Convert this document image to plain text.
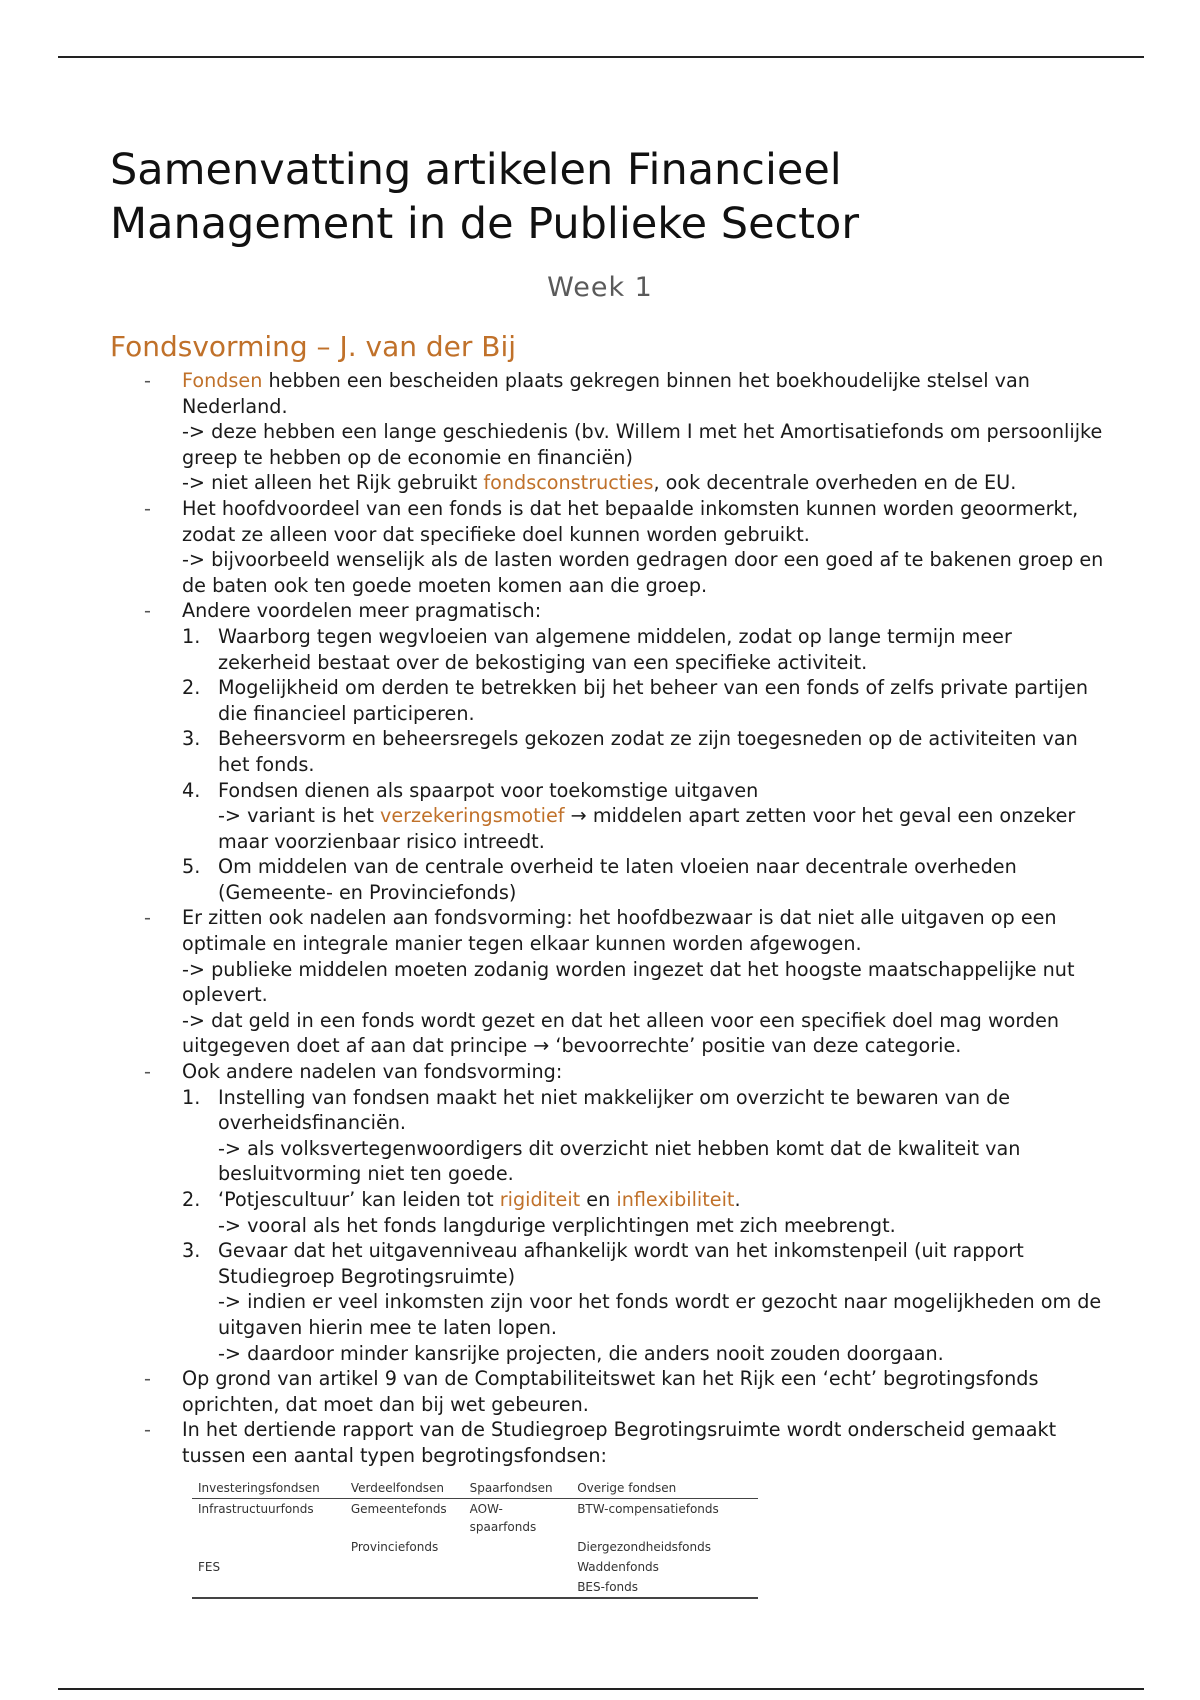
Samenvatting artikelen Financieel
Management in de Publieke Sector
Week 1
Fondsvorming – J. van der Bij
- Fondsen hebben een bescheiden plaats gekregen binnen het boekhoudelijke stelsel van Nederland.
-> deze hebben een lange geschiedenis (bv. Willem I met het Amortisatiefonds om persoonlijke greep te hebben op de economie en financiën)
-> niet alleen het Rijk gebruikt fondsconstructies, ook decentrale overheden en de EU.
- Het hoofdvoordeel van een fonds is dat het bepaalde inkomsten kunnen worden geoormerkt, zodat ze alleen voor dat specifieke doel kunnen worden gebruikt.
-> bijvoorbeeld wenselijk als de lasten worden gedragen door een goed af te bakenen groep en de baten ook ten goede moeten komen aan die groep.
- Andere voordelen meer pragmatisch:
1. Waarborg tegen wegvloeien van algemene middelen, zodat op lange termijn meer zekerheid bestaat over de bekostiging van een specifieke activiteit.
2. Mogelijkheid om derden te betrekken bij het beheer van een fonds of zelfs private partijen die financieel participeren.
3. Beheersvorm en beheersregels gekozen zodat ze zijn toegesneden op de activiteiten van het fonds.
4. Fondsen dienen als spaarpot voor toekomstige uitgaven
-> variant is het verzekeringsmotief → middelen apart zetten voor het geval een onzeker maar voorzienbaar risico intreedt.
5. Om middelen van de centrale overheid te laten vloeien naar decentrale overheden (Gemeente- en Provinciefonds)
- Er zitten ook nadelen aan fondsvorming: het hoofdbezwaar is dat niet alle uitgaven op een optimale en integrale manier tegen elkaar kunnen worden afgewogen.
-> publieke middelen moeten zodanig worden ingezet dat het hoogste maatschappelijke nut oplevert.
-> dat geld in een fonds wordt gezet en dat het alleen voor een specifiek doel mag worden uitgegeven doet af aan dat principe → ‘bevoorrechte’ positie van deze categorie.
- Ook andere nadelen van fondsvorming:
1. Instelling van fondsen maakt het niet makkelijker om overzicht te bewaren van de overheidsfinanciën.
-> als volksvertegenwoordigers dit overzicht niet hebben komt dat de kwaliteit van besluitvorming niet ten goede.
2. ‘Potjescultuur’ kan leiden tot rigiditeit en inflexibiliteit.
-> vooral als het fonds langdurige verplichtingen met zich meebrengt.
3. Gevaar dat het uitgavenniveau afhankelijk wordt van het inkomstenpeil (uit rapport Studiegroep Begrotingsruimte)
-> indien er veel inkomsten zijn voor het fonds wordt er gezocht naar mogelijkheden om de uitgaven hierin mee te laten lopen.
-> daardoor minder kansrijke projecten, die anders nooit zouden doorgaan.
- Op grond van artikel 9 van de Comptabiliteitswet kan het Rijk een ‘echt’ begrotingsfonds oprichten, dat moet dan bij wet gebeuren.
- In het dertiende rapport van de Studiegroep Begrotingsruimte wordt onderscheid gemaakt tussen een aantal typen begrotingsfondsen:
Investeringsfondsen	Verdeelfondsen	Spaarfondsen	Overige fondsen
Infrastructuurfonds	Gemeentefonds	AOW-spaarfonds	BTW-compensatiefonds
	Provinciefonds		Diergezondheidsfonds
FES			Waddenfonds
			BES-fonds
